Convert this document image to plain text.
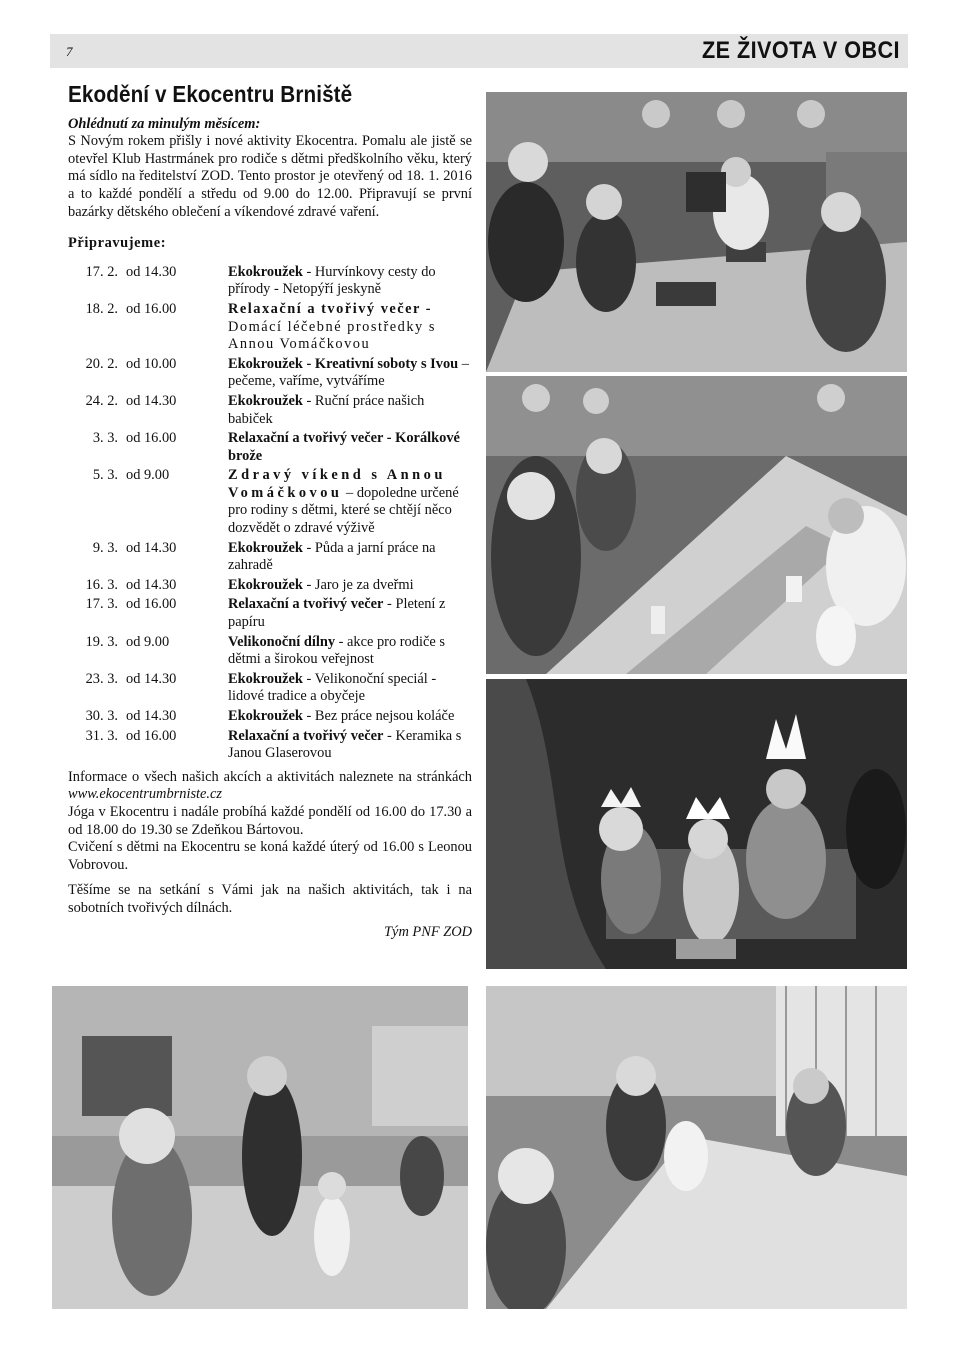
7	ZE ŽIVOTA V OBCI
Ekodění v Ekocentru Brniště
Ohlédnutí za minulým měsícem:

S Novým rokem přišly i nové aktivity Ekocentra. Pomalu ale jistě se otevřel Klub Hastrmánek pro rodiče s dětmi předškolního věku, který má sídlo na ředitelství ZOD. Tento prostor je otevřený od 18. 1. 2016 a to každé pondělí a středu od 9.00 do 12.00. Připravují se první bazárky dětského oblečení a víkendové zdravé vaření.

Připravujeme:
17. 2. od 14.30	Ekokroužek - Hurvínkovy cesty do přírody - Netopýří jeskyně
18. 2. od 16.00	Relaxační a tvořivý večer - Domácí léčebné prostředky s Annou Vomáčkovou
20. 2. od 10.00	Ekokroužek - Kreativní soboty s Ivou – pečeme, vaříme, vytváříme
24. 2. od 14.30	Ekokroužek - Ruční práce našich babiček
3. 3. od 16.00	Relaxační a tvořivý večer - Korálkové brože
5. 3. od 9.00	Zdravý víkend s Annou Vomáčkovou – dopoledne určené pro rodiny s dětmi, které se chtějí něco dozvědět o zdravé výživě
9. 3. od 14.30	Ekokroužek - Půda a jarní práce na zahradě
16. 3. od 14.30	Ekokroužek - Jaro je za dveřmi
17. 3. od 16.00	Relaxační a tvořivý večer - Pletení z papíru
19. 3. od 9.00	Velikonoční dílny - akce pro rodiče s dětmi a širokou veřejnost
23. 3. od 14.30	Ekokroužek - Velikonoční speciál - lidové tradice a obyčeje
30. 3. od 14.30	Ekokroužek - Bez práce nejsou koláče
31. 3. od 16.00	Relaxační a tvořivý večer - Keramika s Janou Glaserovou

Informace o všech našich akcích a aktivitách naleznete na stránkách www.ekocentrumbrniste.cz

Jóga v Ekocentru i nadále probíhá každé pondělí od 16.00 do 17.30 a od 18.00 do 19.30 se Zdeňkou Bártovou.

Cvičení s dětmi na Ekocentru se koná každé úterý od 16.00 s Leonou Vobrovou.

Těšíme se na setkání s Vámi jak na našich aktivitách, tak i na sobotních tvořivých dílnách.

Tým PNF ZOD
